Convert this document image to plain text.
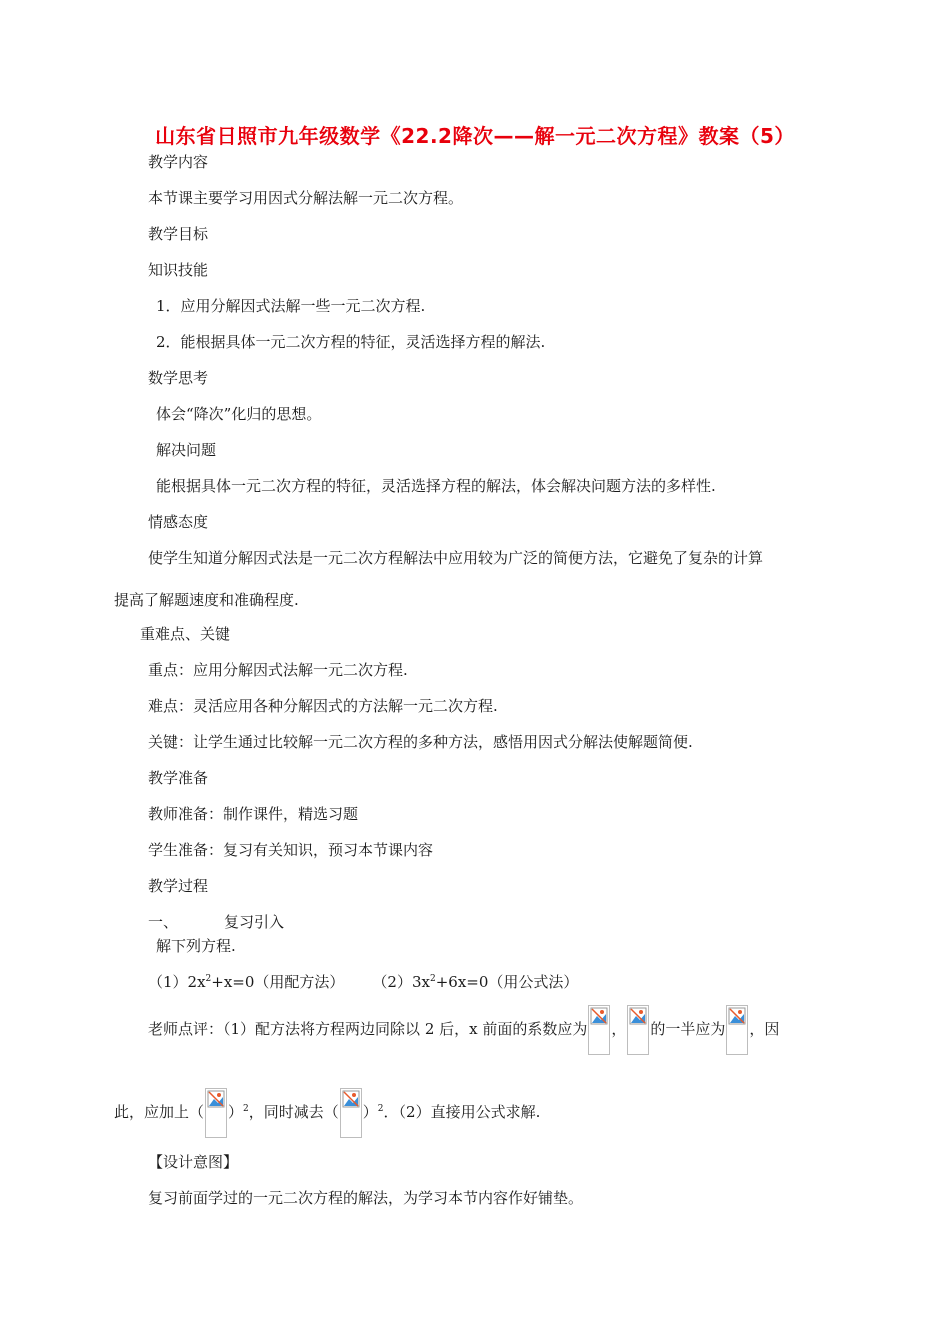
山东省日照市九年级数学《22.2降次——解一元二次方程》教案（5）
教学内容
本节课主要学习用因式分解法解一元二次方程。
教学目标
知识技能
1．应用分解因式法解一些一元二次方程.
2．能根据具体一元二次方程的特征，灵活选择方程的解法.
数学思考
体会“降次”化归的思想。
解决问题
能根据具体一元二次方程的特征，灵活选择方程的解法，体会解决问题方法的多样性.
情感态度
使学生知道分解因式法是一元二次方程解法中应用较为广泛的简便方法，它避免了复杂的计算
提高了解题速度和准确程度.
重难点、关键
重点：应用分解因式法解一元二次方程.
难点：灵活应用各种分解因式的方法解一元二次方程.
关键：让学生通过比较解一元二次方程的多种方法，感悟用因式分解法使解题简便.
教学准备
教师准备：制作课件，精选习题
学生准备：复习有关知识，预习本节课内容
教学过程
一、	复习引入
解下列方程.
$(1)2x^2+x=0$（用配方法） $(2)3x^2+6x=0$（用公式法）
老师点评：（1）配方法将方程两边同除以 2 后，x 前面的系数应为 ， 的一半应为 ，因
此，应加上（ ）$^2$，同时减去（ ）$^2$．（2）直接用公式求解.
【设计意图】
复习前面学过的一元二次方程的解法，为学习本节内容作好铺垫。
